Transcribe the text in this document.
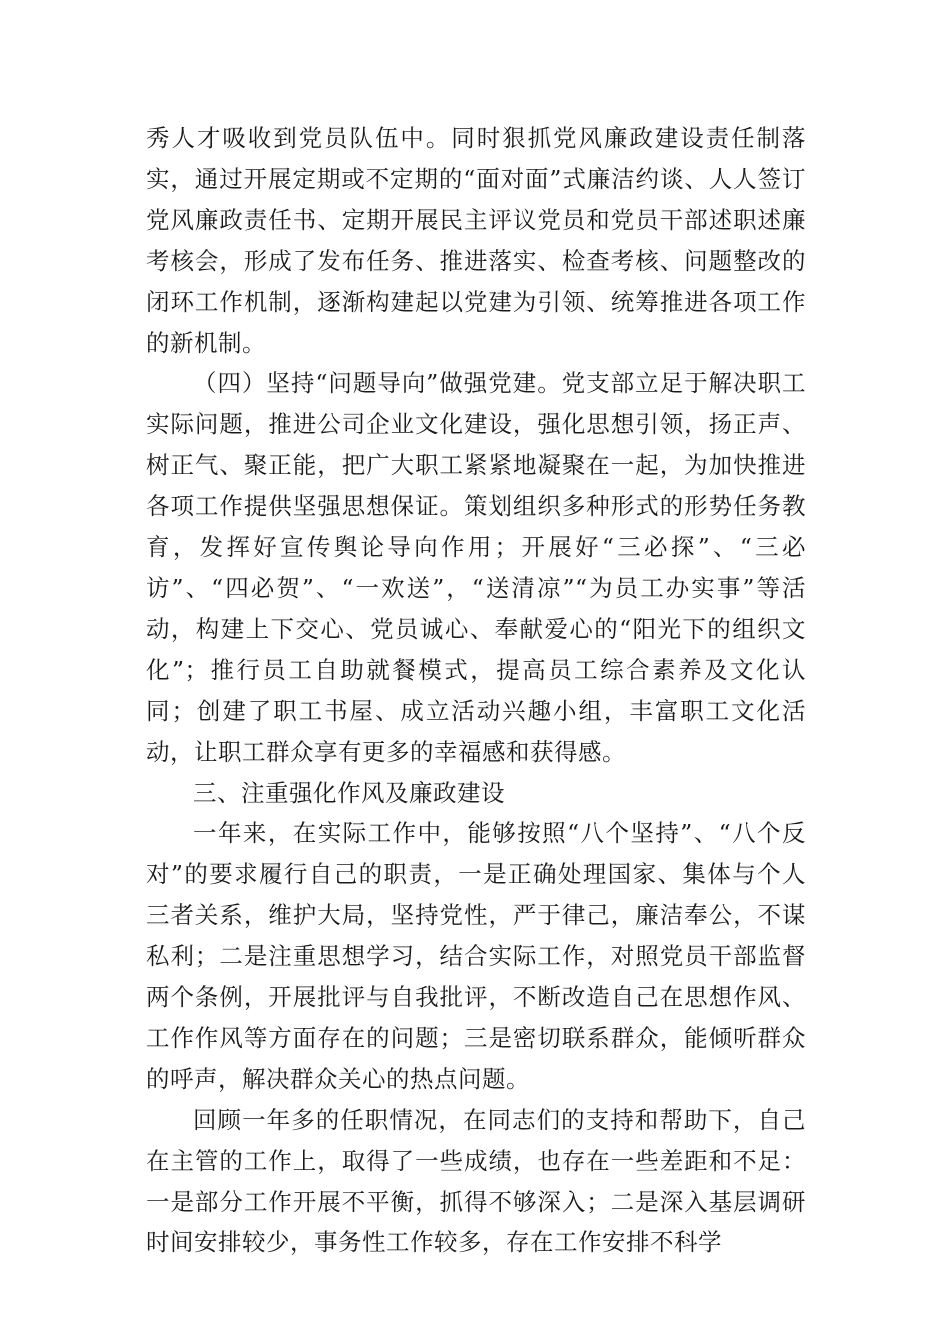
秀人才吸收到党员队伍中。同时狠抓党风廉政建设责任制落实，通过开展定期或不定期的“面对面”式廉洁约谈、人人签订党风廉政责任书、定期开展民主评议党员和党员干部述职述廉考核会，形成了发布任务、推进落实、检查考核、问题整改的闭环工作机制，逐渐构建起以党建为引领、统筹推进各项工作的新机制。

（四）坚持“问题导向”做强党建。党支部立足于解决职工实际问题，推进公司企业文化建设，强化思想引领，扬正声、树正气、聚正能，把广大职工紧紧地凝聚在一起，为加快推进各项工作提供坚强思想保证。策划组织多种形式的形势任务教育，发挥好宣传舆论导向作用；开展好“三必探”、“三必访”、“四必贺”、“一欢送”，“送清凉”“为员工办实事”等活动，构建上下交心、党员诚心、奉献爱心的“阳光下的组织文化”；推行员工自助就餐模式，提高员工综合素养及文化认同；创建了职工书屋、成立活动兴趣小组，丰富职工文化活动，让职工群众享有更多的幸福感和获得感。

三、注重强化作风及廉政建设

一年来，在实际工作中，能够按照“八个坚持”、“八个反对”的要求履行自己的职责，一是正确处理国家、集体与个人三者关系，维护大局，坚持党性，严于律己，廉洁奉公，不谋私利；二是注重思想学习，结合实际工作，对照党员干部监督两个条例，开展批评与自我批评，不断改造自己在思想作风、工作作风等方面存在的问题；三是密切联系群众，能倾听群众的呼声，解决群众关心的热点问题。

回顾一年多的任职情况，在同志们的支持和帮助下，自己在主管的工作上，取得了一些成绩，也存在一些差距和不足：一是部分工作开展不平衡，抓得不够深入；二是深入基层调研时间安排较少，事务性工作较多，存在工作安排不科学
